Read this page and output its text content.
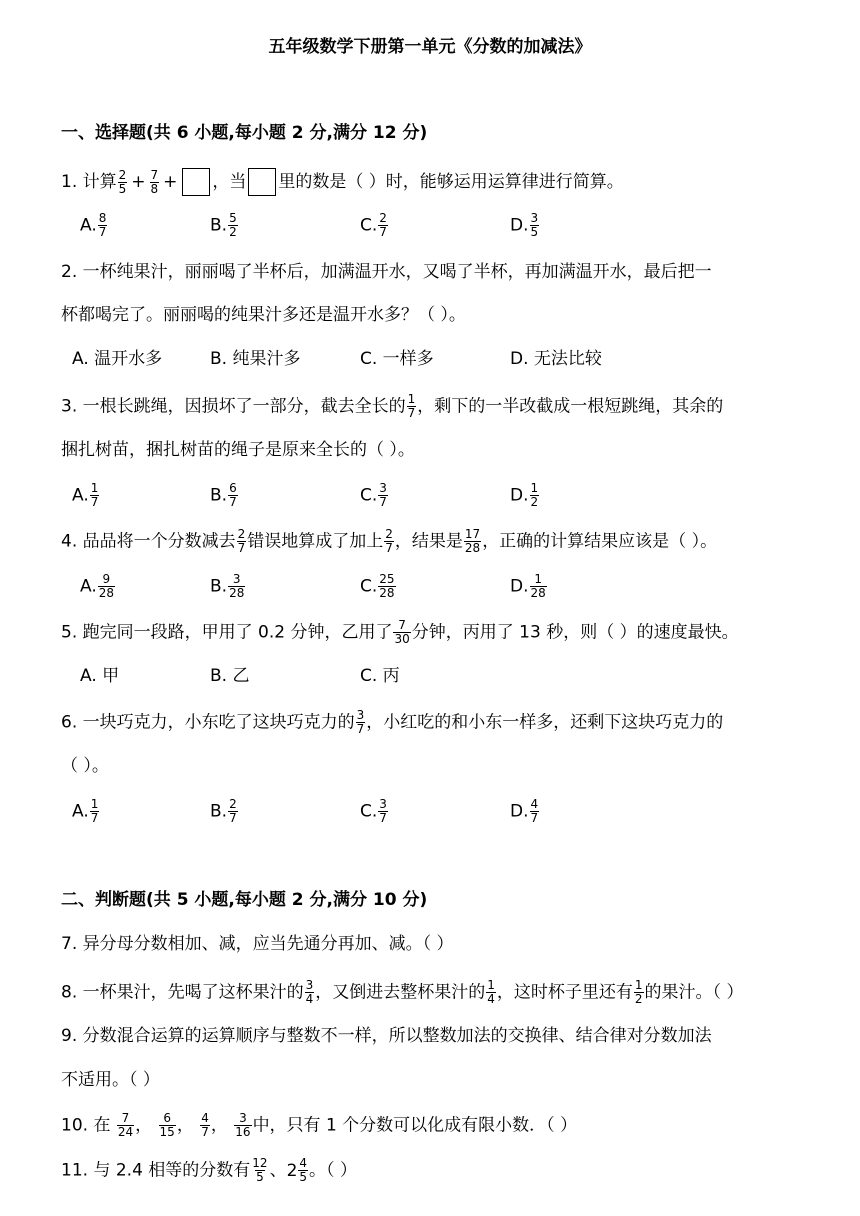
五年级数学下册第一单元《分数的加减法》
一、选择题(共 6 小题,每小题 2 分,满分 12 分)
1. 计算 $\frac{2}{5} + \frac{7}{8}$ + ，当 里的数是（ ）时，能够运用运算律进行简算。
A. $\frac{8}{7}$	B. $\frac{5}{2}$	C. $\frac{2}{7}$	D. $\frac{3}{5}$
2. 一杯纯果汁，丽丽喝了半杯后，加满温开水，又喝了半杯，再加满温开水，最后把一
杯都喝完了。丽丽喝的纯果汁多还是温开水多？（ ）。
A. 温开水多	B. 纯果汁多	C. 一样多	D. 无法比较
3. 一根长跳绳，因损坏了一部分，截去全长的 $\frac{1}{7}$ ，剩下的一半改截成一根短跳绳，其余的
捆扎树苗，捆扎树苗的绳子是原来全长的（ ）。
A. $\frac{1}{7}$	B. $\frac{6}{7}$	C. $\frac{3}{7}$	D. $\frac{1}{2}$
4. 品品将一个分数减去 $\frac{2}{7}$ 错误地算成了加上 $\frac{2}{7}$ ，结果是 $\frac{17}{28}$ ，正确的计算结果应该是（ ）。
A. $\frac{9}{28}$	B. $\frac{3}{28}$	C. $\frac{25}{28}$	D. $\frac{1}{28}$
5. 跑完同一段路，甲用了 0.2 分钟，乙用了 $\frac{7}{30}$ 分钟，丙用了 13 秒，则（ ）的速度最快。
A. 甲	B. 乙	C. 丙
6. 一块巧克力，小东吃了这块巧克力的 $\frac{3}{7}$ ，小红吃的和小东一样多，还剩下这块巧克力的
（ ）。
A. $\frac{1}{7}$	B. $\frac{2}{7}$	C. $\frac{3}{7}$	D. $\frac{4}{7}$
二、判断题(共 5 小题,每小题 2 分,满分 10 分)
7. 异分母分数相加、减，应当先通分再加、减。（ ）
8. 一杯果汁，先喝了这杯果汁的 $\frac{3}{4}$ ，又倒进去整杯果汁的 $\frac{1}{4}$ ，这时杯子里还有 $\frac{1}{2}$ 的果汁。（ ）
9. 分数混合运算的运算顺序与整数不一样，所以整数加法的交换律、结合律对分数加法
不适用。（ ）
10. 在 $\frac{7}{24}$ ， $\frac{6}{15}$ ， $\frac{4}{7}$ ， $\frac{3}{16}$ 中，只有 1 个分数可以化成有限小数．（ ）
11. 与 2.4 相等的分数有 $\frac{12}{5}$ 、 $2 \frac{4}{5}$ 。（ ）
